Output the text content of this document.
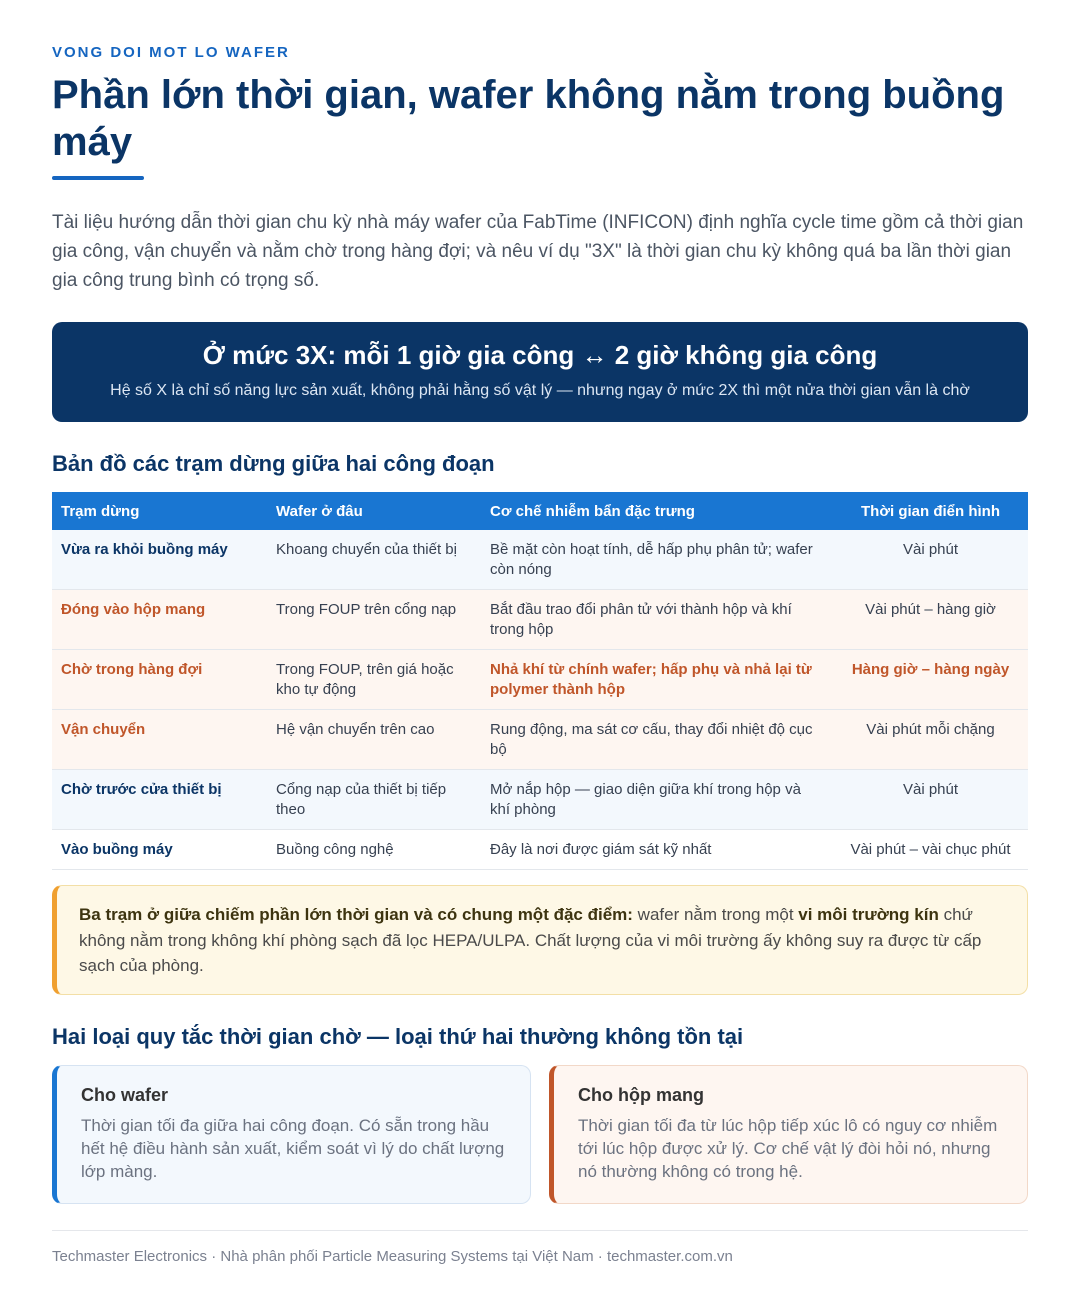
VONG DOI MOT LO WAFER
Phần lớn thời gian, wafer không nằm trong buồng máy

Tài liệu hướng dẫn thời gian chu kỳ nhà máy wafer của FabTime (INFICON) định nghĩa cycle time gồm cả thời gian gia công, vận chuyển và nằm chờ trong hàng đợi; và nêu ví dụ "3X" là thời gian chu kỳ không quá ba lần thời gian gia công trung bình có trọng số.

Ở mức 3X: mỗi 1 giờ gia công ↔ 2 giờ không gia công
Hệ số X là chỉ số năng lực sản xuất, không phải hằng số vật lý — nhưng ngay ở mức 2X thì một nửa thời gian vẫn là chờ
Bản đồ các trạm dừng giữa hai công đoạn
Trạm dừng	Wafer ở đâu	Cơ chế nhiễm bẩn đặc trưng	Thời gian điển hình
Vừa ra khỏi buồng máy	Khoang chuyển của thiết bị	Bề mặt còn hoạt tính, dễ hấp phụ phân tử; wafer còn nóng	Vài phút
Đóng vào hộp mang	Trong FOUP trên cổng nạp	Bắt đầu trao đổi phân tử với thành hộp và khí trong hộp	Vài phút – hàng giờ
Chờ trong hàng đợi	Trong FOUP, trên giá hoặc kho tự động	Nhả khí từ chính wafer; hấp phụ và nhả lại từ polymer thành hộp	Hàng giờ – hàng ngày
Vận chuyển	Hệ vận chuyển trên cao	Rung động, ma sát cơ cấu, thay đổi nhiệt độ cục bộ	Vài phút mỗi chặng
Chờ trước cửa thiết bị	Cổng nạp của thiết bị tiếp theo	Mở nắp hộp — giao diện giữa khí trong hộp và khí phòng	Vài phút
Vào buồng máy	Buồng công nghệ	Đây là nơi được giám sát kỹ nhất	Vài phút – vài chục phút
Ba trạm ở giữa chiếm phần lớn thời gian và có chung một đặc điểm: wafer nằm trong một vi môi trường kín chứ không nằm trong không khí phòng sạch đã lọc HEPA/ULPA. Chất lượng của vi môi trường ấy không suy ra được từ cấp sạch của phòng.
Hai loại quy tắc thời gian chờ — loại thứ hai thường không tồn tại
Cho wafer
Thời gian tối đa giữa hai công đoạn. Có sẵn trong hầu hết hệ điều hành sản xuất, kiểm soát vì lý do chất lượng lớp màng.
Cho hộp mang
Thời gian tối đa từ lúc hộp tiếp xúc lô có nguy cơ nhiễm tới lúc hộp được xử lý. Cơ chế vật lý đòi hỏi nó, nhưng nó thường không có trong hệ.
Techmaster Electronics · Nhà phân phối Particle Measuring Systems tại Việt Nam · techmaster.com.vn
